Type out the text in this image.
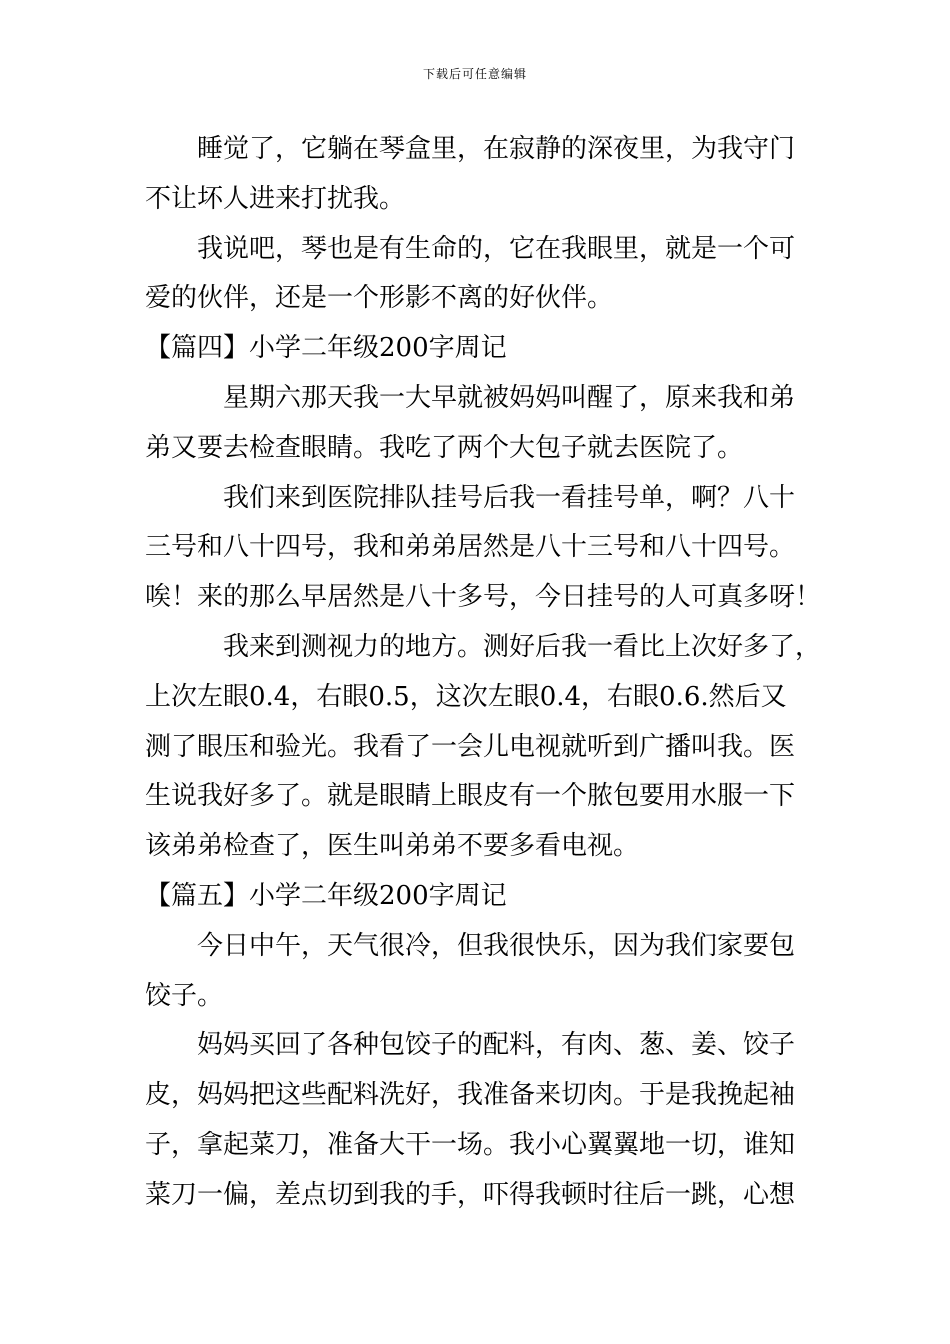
下载后可任意编辑
睡觉了，它躺在琴盒里，在寂静的深夜里，为我守门
不让坏人进来打扰我。
我说吧，琴也是有生命的，它在我眼里，就是一个可
爱的伙伴，还是一个形影不离的好伙伴。
【篇四】小学二年级200字周记
星期六那天我一大早就被妈妈叫醒了，原来我和弟
弟又要去检查眼睛。我吃了两个大包子就去医院了。
我们来到医院排队挂号后我一看挂号单，啊？八十
三号和八十四号，我和弟弟居然是八十三号和八十四号。
唉！来的那么早居然是八十多号，今日挂号的人可真多呀！
我来到测视力的地方。测好后我一看比上次好多了，
上次左眼0.4，右眼0.5，这次左眼0.4，右眼0.6.然后又
测了眼压和验光。我看了一会儿电视就听到广播叫我。医
生说我好多了。就是眼睛上眼皮有一个脓包要用水服一下
该弟弟检查了，医生叫弟弟不要多看电视。
【篇五】小学二年级200字周记
今日中午，天气很冷，但我很快乐，因为我们家要包
饺子。
妈妈买回了各种包饺子的配料，有肉、葱、姜、饺子
皮，妈妈把这些配料洗好，我准备来切肉。于是我挽起袖
子，拿起菜刀，准备大干一场。我小心翼翼地一切，谁知
菜刀一偏，差点切到我的手，吓得我顿时往后一跳，心想
